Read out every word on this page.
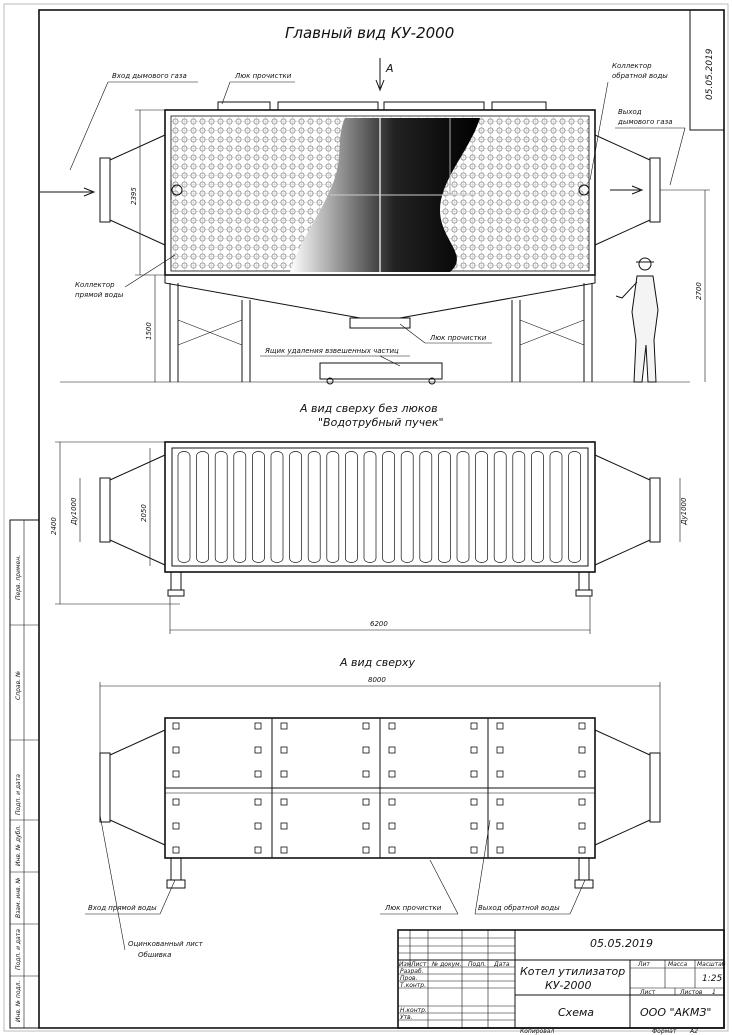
05.05.2019
Перв. примен.
Справ. №
Подп. и дата
Инв. № дубл.
Взам. инв. №
Подп. и дата
Инв. № подл.
Главный вид КУ-2000
А
Вход дымового газа	Люк прочистки
Коллектор
обратной воды
Выход
дымового газа
Коллектор
прямой воды
Люк прочистки
Ящик удаления взвешенных частиц
2395
1500
2700
А вид сверху без люков
"Водотрубный пучек"
2400
Ду1000	2050	Ду1000
6200
А вид сверху
8000
Вход прямой воды	Люк прочистки	Выход обратной воды
Оцинкованный лист
Обшивка
05.05.2019
Изм Лист № докум. Подп. Дата
Разраб.
Пров.
Т.контр.
Н.контр.
Утв.
Котел утилизатор
КУ-2000
Схема
Лит	Масса Масштаб
1:25
Лист	Листов 1
ООО "АКМЗ"
Копировал	Формат А2
